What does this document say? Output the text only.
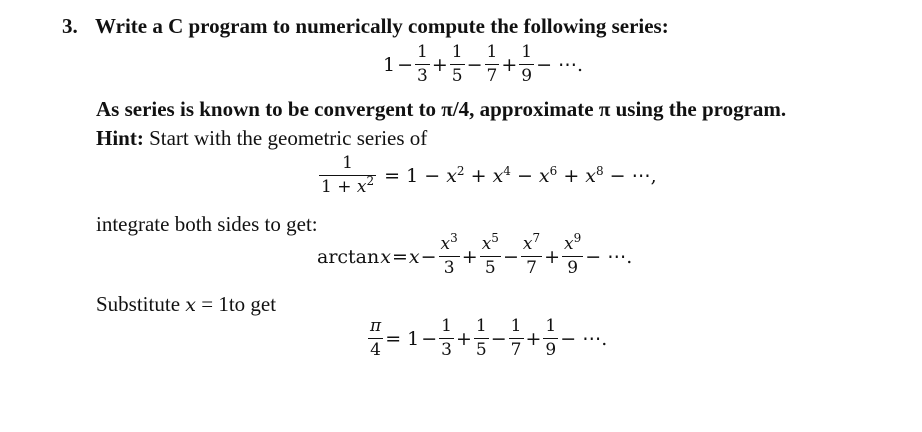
3. Write a C program to numerically compute the following series:
$1 - \frac{1}{3} + \frac{1}{5} - \frac{1}{7} + \frac{1}{9}$ − ⋯.
As series is known to be convergent to π/4, approximate π using the program.
Hint: Start with the geometric series of
$\frac{1}{1 + x^2} = 1 - x^2 + x^4 - x^6 + x^8$ − ⋯,
integrate both sides to get:
$\arctan x = x - \frac{x^3}{3} + \frac{x^5}{5} - \frac{x^7}{7} + \frac{x^9}{9}$ − ⋯.
Substitute x = 1to get
$\frac{\pi}{4} = 1 - \frac{1}{3} + \frac{1}{5} - \frac{1}{7} + \frac{1}{9}$ − ⋯.
